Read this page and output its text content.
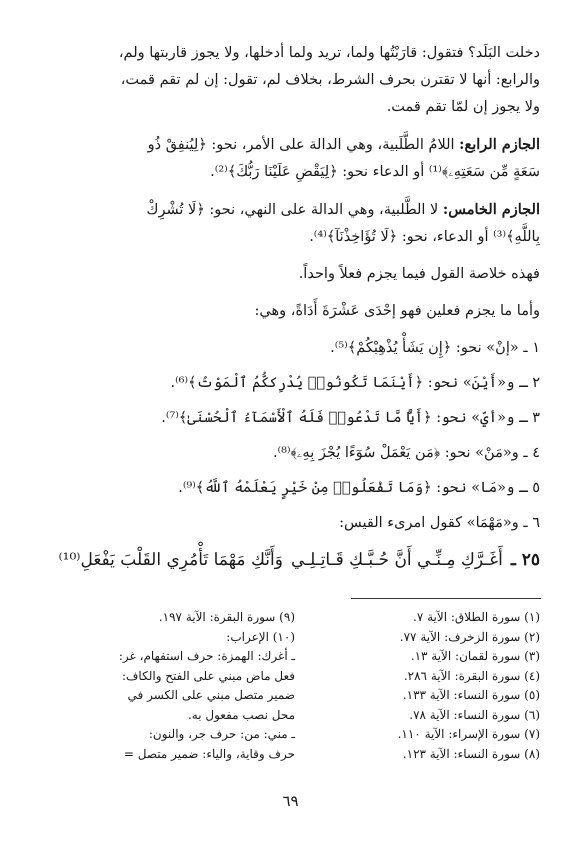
دخلت البَلَد؟ فتقول: قارَبْتُها ولما، تريد ولما أدخلها، ولا يجوز قاربتها ولم،
والرابع: أنها لا تقترن بحرف الشرط، بخلاف لم، تقول: إن لم تقم قمت،
ولا يجوز إن لمّا تقم قمت.

الجازم الرابع: اللامُ الطَّلَبية، وهي الدالة على الأمر، نحو: ﴿لِيُنفِقْ ذُو
سَعَةٍ مِّن سَعَتِهِۦ﴾⁽¹⁾ أو الدعاء نحو: ﴿لِيَقْضِ عَلَيْنَا رَبُّكَ﴾⁽²⁾.

الجازم الخامس: لا الطَّلبية، وهي الدالة على النهي، نحو: ﴿لَا تُشْرِكْ
بِاللَّهِ﴾⁽³⁾ أو الدعاء، نحو: ﴿لَا تُؤَاخِذْنَآ﴾⁽⁴⁾.

فهذه خلاصة القول فيما يجزم فعلاً واحداً.

وأما ما يجزم فعلين فهو إحْدَى عَشْرَةَ أَدَاةً، وهي:

١ ـ «إنْ» نحو: ﴿إِن يَشَأْ يُذْهِبْكُمْ﴾⁽⁵⁾.

٢ ـ و«أَيْنَ» نحو: ﴿أَيْنَمَا تَكُونُوا۟ يُدْرِككُّمُ ٱلْمَوْتُ﴾⁽⁶⁾.

٣ ـ و«أيّ» نحو: ﴿أَيًّا مَّا تَدْعُوا۟ فَلَهُ ٱلْأَسْمَآءُ ٱلْحُسْنَىٰ﴾⁽⁷⁾.

٤ ـ و«مَنْ» نحو: ﴿مَن يَعْمَلْ سُوٓءًا يُجْزَ بِهِۦ﴾⁽⁸⁾.

٥ ـ و«مَا» نحو: ﴿وَمَا تَفْعَلُوا۟ مِنْ خَيْرٍ يَعْلَمْهُ ٱللَّهُ﴾⁽⁹⁾.

٦ ـ و«مَهْمَا» كقول امرىء القيس:

٢٥ ـ
أَغَـرَّكِ مِـنِّـي أَنَّ حُـبَّـكِ قَـاتِـلِـي
وَأَنَّكِ مَهْمَا تَأْمُرِي القَلْبَ يَفْعَلِ⁽¹⁰⁾

(١) سورة الطلاق: الآية ٧.

(٢) سورة الزخرف: الآية ٧٧.

(٣) سورة لقمان: الآية ١٣.

(٤) سورة البقرة: الآية ٢٨٦.

(٥) سورة النساء: الآية ١٣٣.

(٦) سورة النساء: الآية ٧٨.

(٧) سورة الإسراء: الآية ١١٠.

(٨) سورة النساء: الآية ١٢٣.

(٩) سورة البقرة: الآية ١٩٧.

(١٠) الإعراب:

ـ أغرك: الهمزة: حرف استفهام، غر:

فعل ماض مبني على الفتح والكاف:

ضمير متصل مبني على الكسر في

محل نصب مفعول به.

ـ مني: من: حرف جر، والنون:

حرف وقاية، والياء: ضمير متصل =

٦٩
